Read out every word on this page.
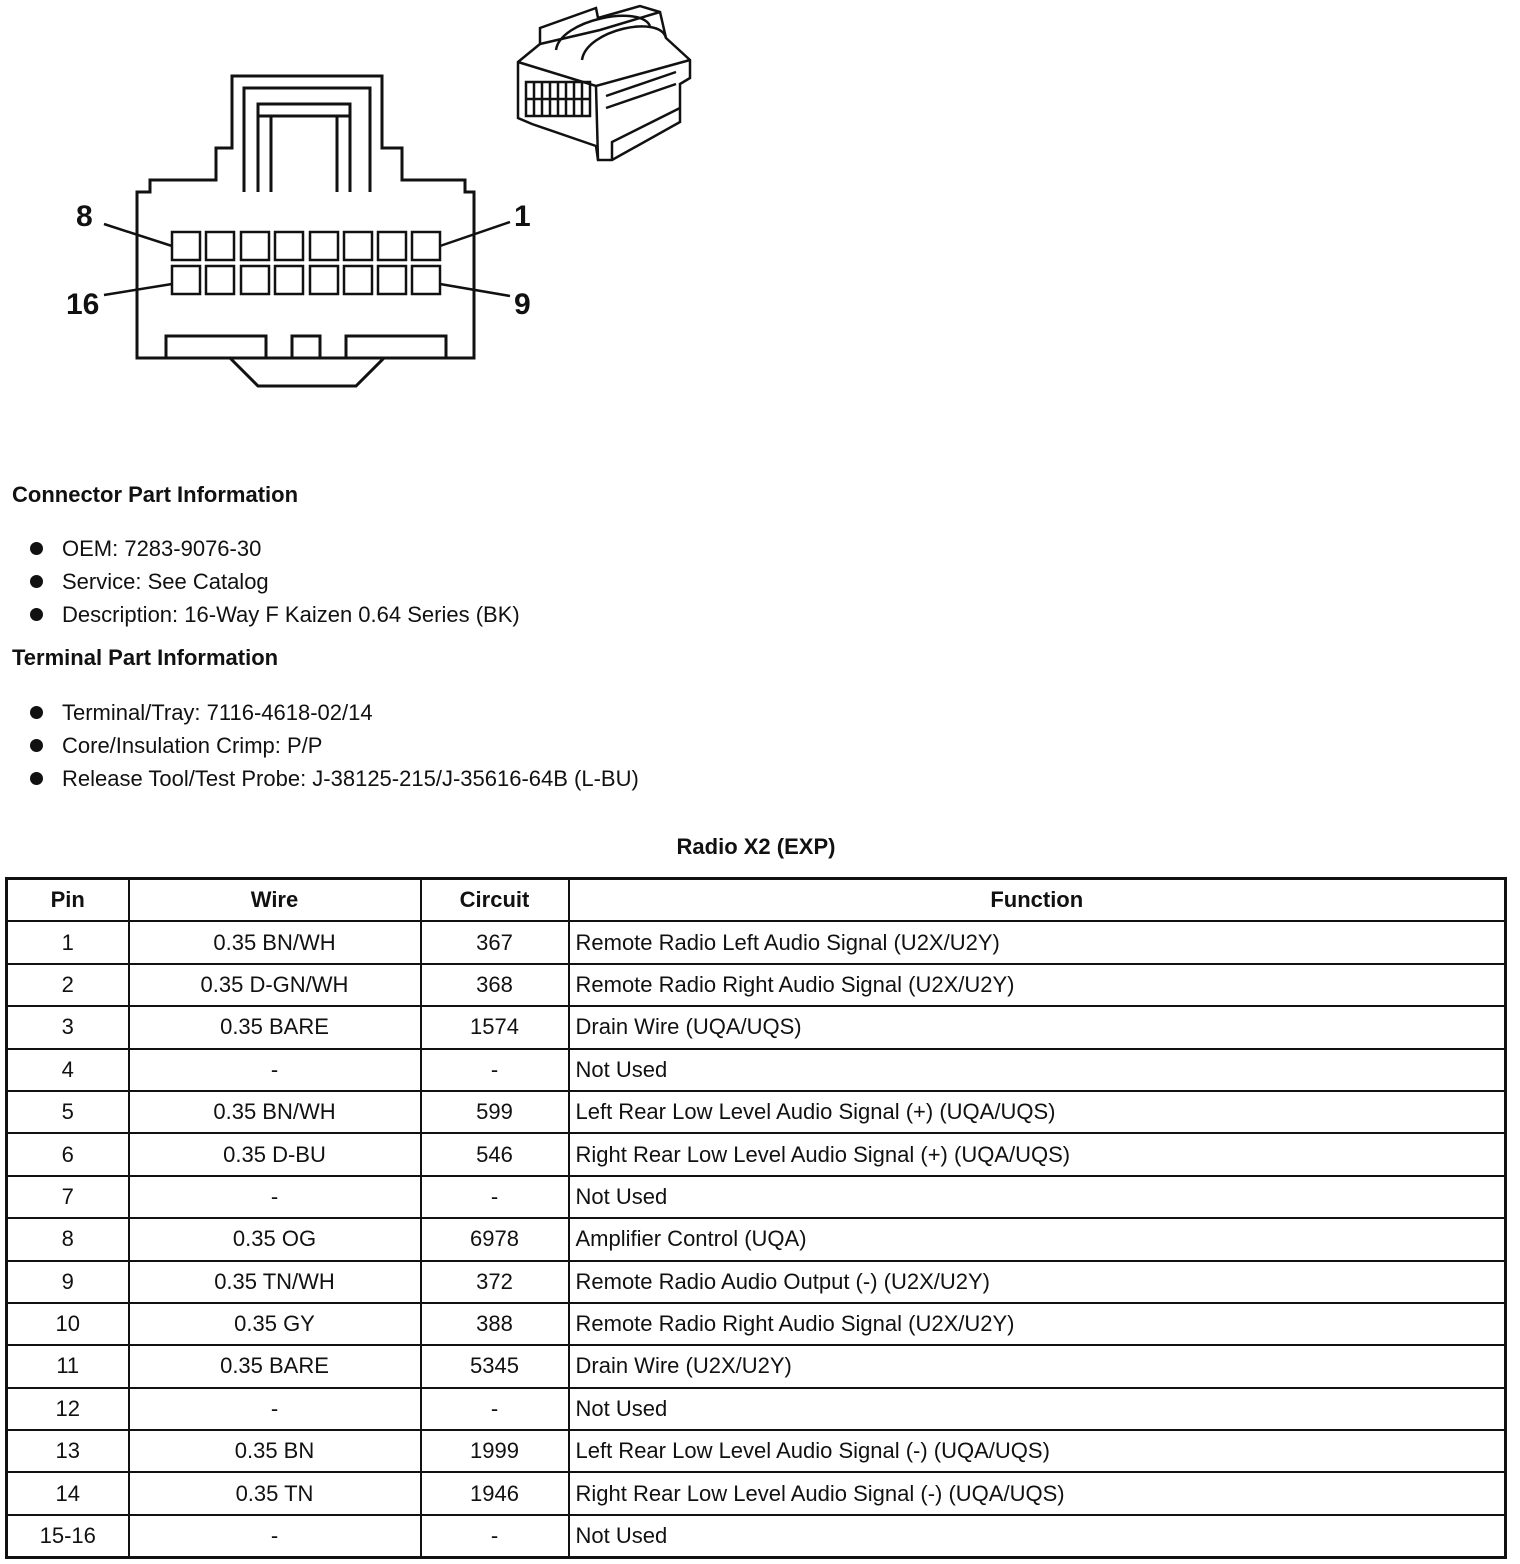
8	1
16	9
Connector Part Information
OEM: 7283-9076-30
Service: See Catalog
Description: 16-Way F Kaizen 0.64 Series (BK)
Terminal Part Information
Terminal/Tray: 7116-4618-02/14
Core/Insulation Crimp: P/P
Release Tool/Test Probe: J-38125-215/J-35616-64B (L-BU)
Radio X2 (EXP)
Pin	Wire	Circuit	Function
1	0.35 BN/WH	367	Remote Radio Left Audio Signal (U2X/U2Y)
2	0.35 D-GN/WH	368	Remote Radio Right Audio Signal (U2X/U2Y)
3	0.35 BARE	1574	Drain Wire (UQA/UQS)
4	-	-	Not Used
5	0.35 BN/WH	599	Left Rear Low Level Audio Signal (+) (UQA/UQS)
6	0.35 D-BU	546	Right Rear Low Level Audio Signal (+) (UQA/UQS)
7	-	-	Not Used
8	0.35 OG	6978	Amplifier Control (UQA)
9	0.35 TN/WH	372	Remote Radio Audio Output (-) (U2X/U2Y)
10	0.35 GY	388	Remote Radio Right Audio Signal (U2X/U2Y)
11	0.35 BARE	5345	Drain Wire (U2X/U2Y)
12	-	-	Not Used
13	0.35 BN	1999	Left Rear Low Level Audio Signal (-) (UQA/UQS)
14	0.35 TN	1946	Right Rear Low Level Audio Signal (-) (UQA/UQS)
15-16	-	-	Not Used
